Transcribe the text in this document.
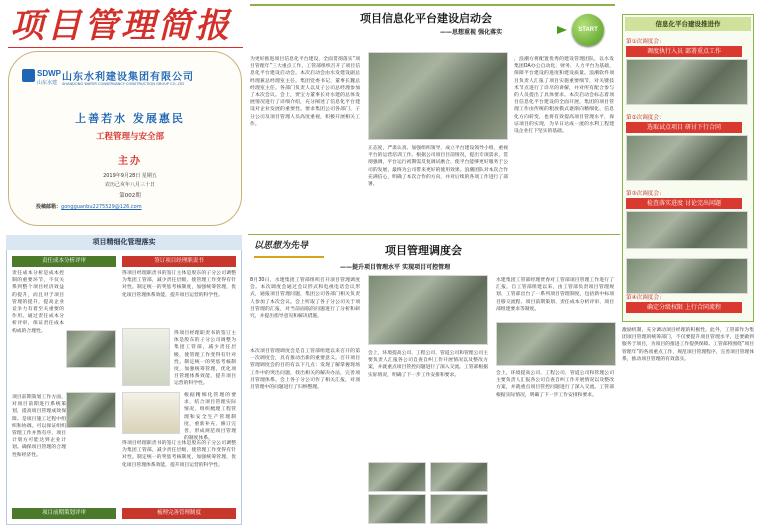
项目管理简报
SDWP
山东水建 山东水利建设集团有限公司
SHANDONG WATER CONSERVANCY CONSTRUCTION GROUP CO.,LTD
上善若水 发展惠民
工程管理与安全部
主办
2019年9月28日 星期五
农历己亥年八月三十日
第002期
投稿邮箱：gongguanbu2275529@126.com
项目信息化平台建设启动会
——思想重视 强化落实	START
为更好推进项目信息化平台建设，全面贯彻落实“项目管理年”三大重点工作，工管部组织召开了项目信息化平台建设启动会。本次启动会由水发建设副总经理兼总经理室主任。集团党委书记、董事长魏总经理室主任。各部门负责人以及子公司总经理参加了本次会议。会上，贾宝力董事长对水建的总体发展情况进行了详细介绍，充分阐述了信息化平台建设对企业发展的重要性。要求集团公司各部门、子分公司及项目管理人员高度重视，积极开展相关工作。
正态度，严肃认真、加强组织领导，成立平台建设领导小组，重视平台的运营培训工作。根据公司项目目前情况，提出专项需求，贯彻强调，平台运行初期需反复调试磨合，使平台能够更好服务于公司的发展，最终为公司带来更好的使用效果。浪潮团队对本次合作充满信心，明确了本次合作的方向，并对后续的各项工作进行了部署。
，浪潮方将配置优秀的建设管理团队，以水发集团OA办公自动化、财务、人力平台为基础，保障平台建设的进度和建设质量。浪潮软件项目负责人汇报了项目实施重要细节，对关键技术节点进行了详尽的讲解，并对所有配合参与的人员提出了具体要求。本次启动会标志着项目信息化平台建设的全面开展，集团的项目管理工作由传统的粗放模式逐渐向精细化、信息化方向转变，也将有效提高项目管理水平，保证项目的实现，为早日达成一流的水利工程建设企业打下坚实的基础。
信息化平台建设推进作
第①次调度会：
调度执行入员 部署重点工作
第②次调度会：
选取试点项目 研讨下行合同
第③次调度会：
检查落实进度 讨论完出问题
第④次调度会：
确定分级权限 上行合同流程
项目精细化管理落实
责任成本分析评审	签订项目经理职责书
责任成本分析是成本控制的重要环节，不仅关系到整个项目经济效益的提升，而且对于项目管理的提升，提高企业竞争力有着至关重要的作用。通过责任成本分析评审，保证责任成本构成的合理性。
得项目经理职责书的签订主体是股东的子分公司调整为集团工管部，减少责任层级，使管理工作变得有针对性。制定统一的奖惩考核制度，加强统筹管理，优化项目管理体系效能，提升项目运营的科学性。
得项目经理职责书的签订主体是股东的子分公司调整为集团工管部，减少责任层级，使管理工作变得有针对性。制定统一的奖惩考核制度，加强统筹管理，优化项目管理体系效能，提升项目运营的科学性。
项目前期策划工作方面，对项目前期进行系统策划，提高项目管理成效保障。是项目施工过程中组织和协调。可以保证组织管理工作并然有序，项目计划方可能达到企业计划。确保项目管理的合理性和经济性。
根据精细化管理的要求，结合项目管理实际情况，组织梳理工程管理和安全生产管理制度，重新补充、修订完善，形成规范项目管理的制度体系。
得项目经理职责书的签订主体是股东的子分公司调整为集团工管部，减少责任层级，使管理工作变得有针对性。制定统一的奖惩考核制度，加强统筹管理，优化项目管理体系效能，提升项目运营的科学性。
项目前期策划评审	梳理完善管理制度
以思想为先导	项目管理调度会
——提升项目管理水平 实现项目可控管理
8月30日，水建集团工管部组织召开项目管理调度会。本次调度会通过会议形式和电视电话会议形式，通报项目管理问题，集团公司各部门相关负责人参加了本次会议。会上听取了各子分公司关于项目管理的汇报，对当前面临的问题进行了分析和研究，并提出指导意见和解决措施。
本次项目管理调度会是自工管部组建以来召开的第一次调度会，具有推动出新的重要意义。召开项目管理调度会的目的有以下几点：发现了解掌握现场工作中的突出问题，找出相关的解决办法，完善项目管理体系。会上各子分公司作了相关汇报，对项目管理中的问题进行了归纳整理。
会上，环境提高公司、工程公司、管道公司和管理公司主要负责人汇报各公司自查自纠工作开展情况以及整改方案，并就重点项目管控问题进行了深入交流。工管部根据实际情况，明确了下一步工作安排和要求。
水建集团工管部经理贾春对工管部项目管理工作进行了汇报，自工管部组建以来，由工管部负责项目管理规划、工管部出台了一系列项目管理制度，包括新中标项目移交流程、项目前期策划、责任成本分析评审、项目部组建要求等制度。
会上，环境提高公司、工程公司、管道公司和管理公司主要负责人汇报各公司自查自纠工作开展情况以及整改方案，并就重点项目管控问题进行了深入交流。工管部根据实际情况，明确了下一步工作安排和要求。
激励机制，充分调动项目经理的积极性。此外，工管部作为集团项目管理的统筹部门，不仅要提升项目管理水平，还要做到服务于项目，为项目的推进工作提供保障。工管部将围绕“项目管理年”的各项重点工作，规范项目管理程序，完善项目管理体系，推动项目管理的有效落实。
